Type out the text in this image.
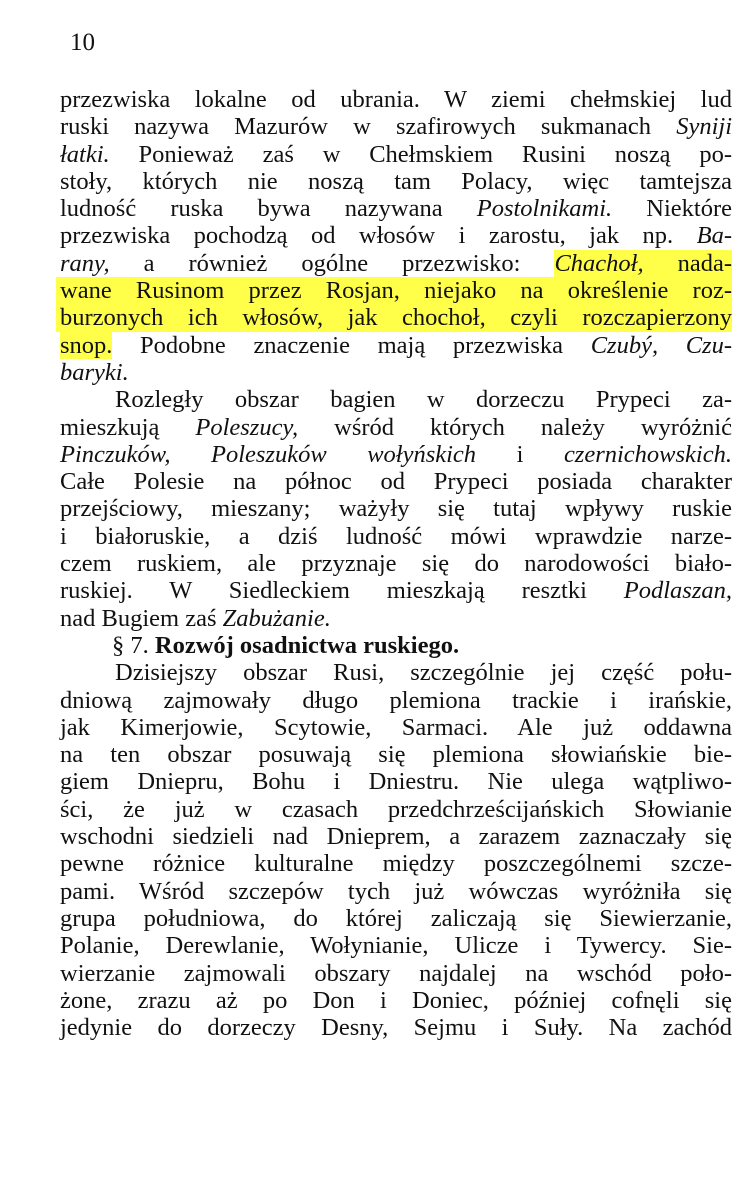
10
przezwiska lokalne od ubrania. W ziemi chełmskiej lud
ruski nazywa Mazurów w szafirowych sukmanach Syniji
łatki. Ponieważ zaś w Chełmskiem Rusini noszą po-
stoły, których nie noszą tam Polacy, więc tamtejsza
ludność ruska bywa nazywana Postolnikami. Niektóre
przezwiska pochodzą od włosów i zarostu, jak np. Ba-
rany, a również ogólne przezwisko: Chachoł, nada-
wane Rusinom przez Rosjan, niejako na określenie roz-
burzonych ich włosów, jak chochoł, czyli rozczapierzony
snop. Podobne znaczenie mają przezwiska Czubý, Czu-
baryki.
Rozległy obszar bagien w dorzeczu Prypeci za-
mieszkują Poleszucy, wśród których należy wyróżnić
Pinczuków, Poleszuków wołyńskich i czernichowskich.
Całe Polesie na północ od Prypeci posiada charakter
przejściowy, mieszany; ważyły się tutaj wpływy ruskie
i białoruskie, a dziś ludność mówi wprawdzie narze-
czem ruskiem, ale przyznaje się do narodowości biało-
ruskiej. W Siedleckiem mieszkają resztki Podlaszan,
nad Bugiem zaś Zabużanie.
§ 7. Rozwój osadnictwa ruskiego.
Dzisiejszy obszar Rusi, szczególnie jej część połu-
dniową zajmowały długo plemiona trackie i irańskie,
jak Kimerjowie, Scytowie, Sarmaci. Ale już oddawna
na ten obszar posuwają się plemiona słowiańskie bie-
giem Dniepru, Bohu i Dniestru. Nie ulega wątpliwo-
ści, że już w czasach przedchrześcijańskich Słowianie
wschodni siedzieli nad Dnieprem, a zarazem zaznaczały się
pewne różnice kulturalne między poszczególnemi szcze-
pami. Wśród szczepów tych już wówczas wyróżniła się
grupa południowa, do której zaliczają się Siewierzanie,
Polanie, Derewlanie, Wołynianie, Ulicze i Tywercy. Sie-
wierzanie zajmowali obszary najdalej na wschód poło-
żone, zrazu aż po Don i Doniec, później cofnęli się
jedynie do dorzeczy Desny, Sejmu i Suły. Na zachód
